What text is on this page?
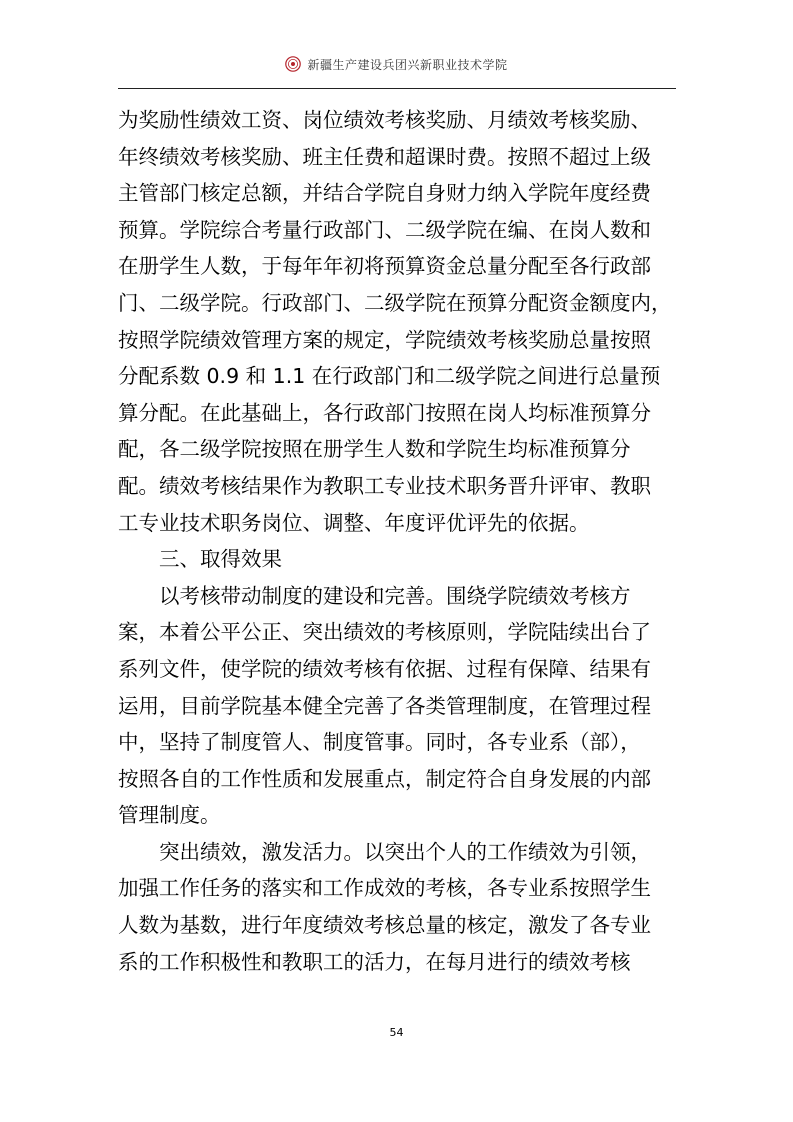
新疆生产建设兵团兴新职业技术学院

为奖励性绩效工资、岗位绩效考核奖励、月绩效考核奖励、

年终绩效考核奖励、班主任费和超课时费。按照不超过上级

主管部门核定总额，并结合学院自身财力纳入学院年度经费

预算。学院综合考量行政部门、二级学院在编、在岗人数和

在册学生人数，于每年年初将预算资金总量分配至各行政部

门、二级学院。行政部门、二级学院在预算分配资金额度内，

按照学院绩效管理方案的规定，学院绩效考核奖励总量按照

分配系数 0.9 和 1.1 在行政部门和二级学院之间进行总量预

算分配。在此基础上，各行政部门按照在岗人均标准预算分

配，各二级学院按照在册学生人数和学院生均标准预算分

配。绩效考核结果作为教职工专业技术职务晋升评审、教职

工专业技术职务岗位、调整、年度评优评先的依据。

　　三、取得效果

　　以考核带动制度的建设和完善。围绕学院绩效考核方

案，本着公平公正、突出绩效的考核原则，学院陆续出台了

系列文件，使学院的绩效考核有依据、过程有保障、结果有

运用，目前学院基本健全完善了各类管理制度，在管理过程

中，坚持了制度管人、制度管事。同时，各专业系（部），

按照各自的工作性质和发展重点，制定符合自身发展的内部

管理制度。

　　突出绩效，激发活力。以突出个人的工作绩效为引领，

加强工作任务的落实和工作成效的考核，各专业系按照学生

人数为基数，进行年度绩效考核总量的核定，激发了各专业

系的工作积极性和教职工的活力，在每月进行的绩效考核

54
